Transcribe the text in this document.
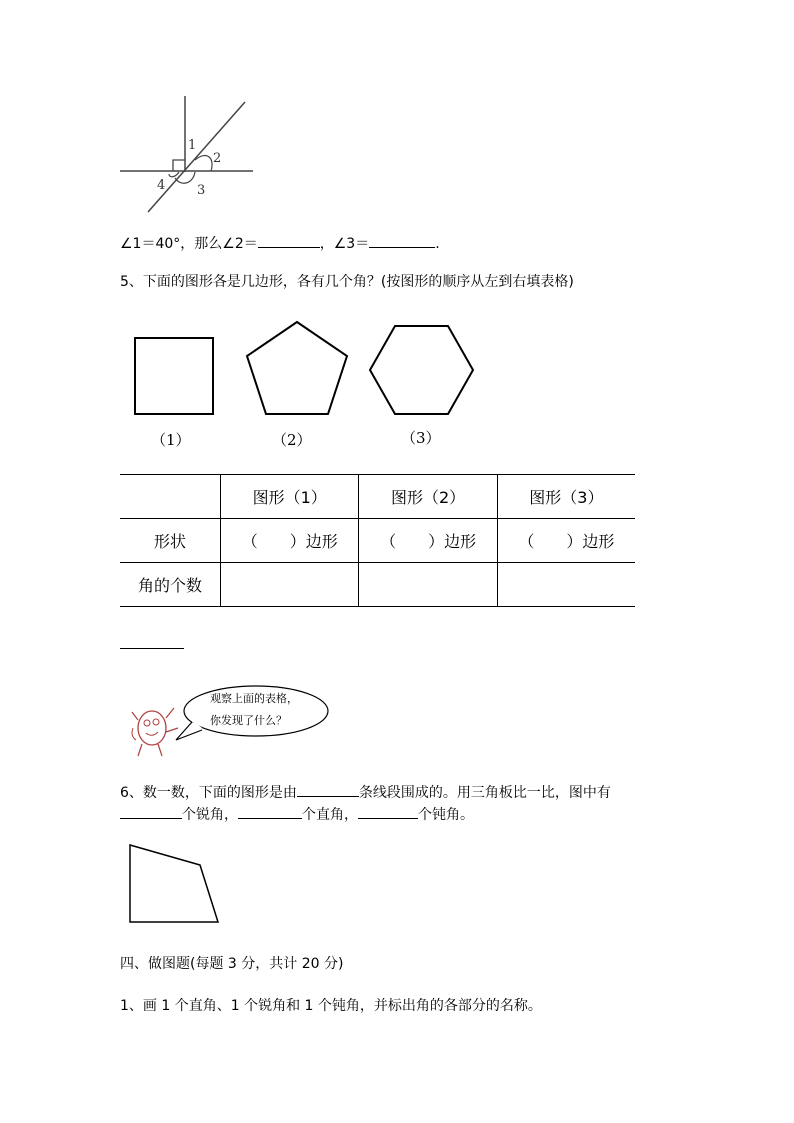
1
2
3
4
∠1＝40°，那么∠2＝	，∠3＝	.
5、下面的图形各是几边形，各有几个角？(按图形的顺序从左到右填表格)
（1）	（2）	（3）
	图形（1）	图形（2）	图形（3）
形状	（　　）边形	（　　）边形	（　　）边形
角的个数			
观察上面的表格，
你发现了什么？
6、数一数，下面的图形是由	条线段围成的。用三角板比一比，图中有
个锐角，	个直角，	个钝角。
四、做图题(每题 3 分，共计 20 分)
1、画 1 个直角、1 个锐角和 1 个钝角，并标出角的各部分的名称。
